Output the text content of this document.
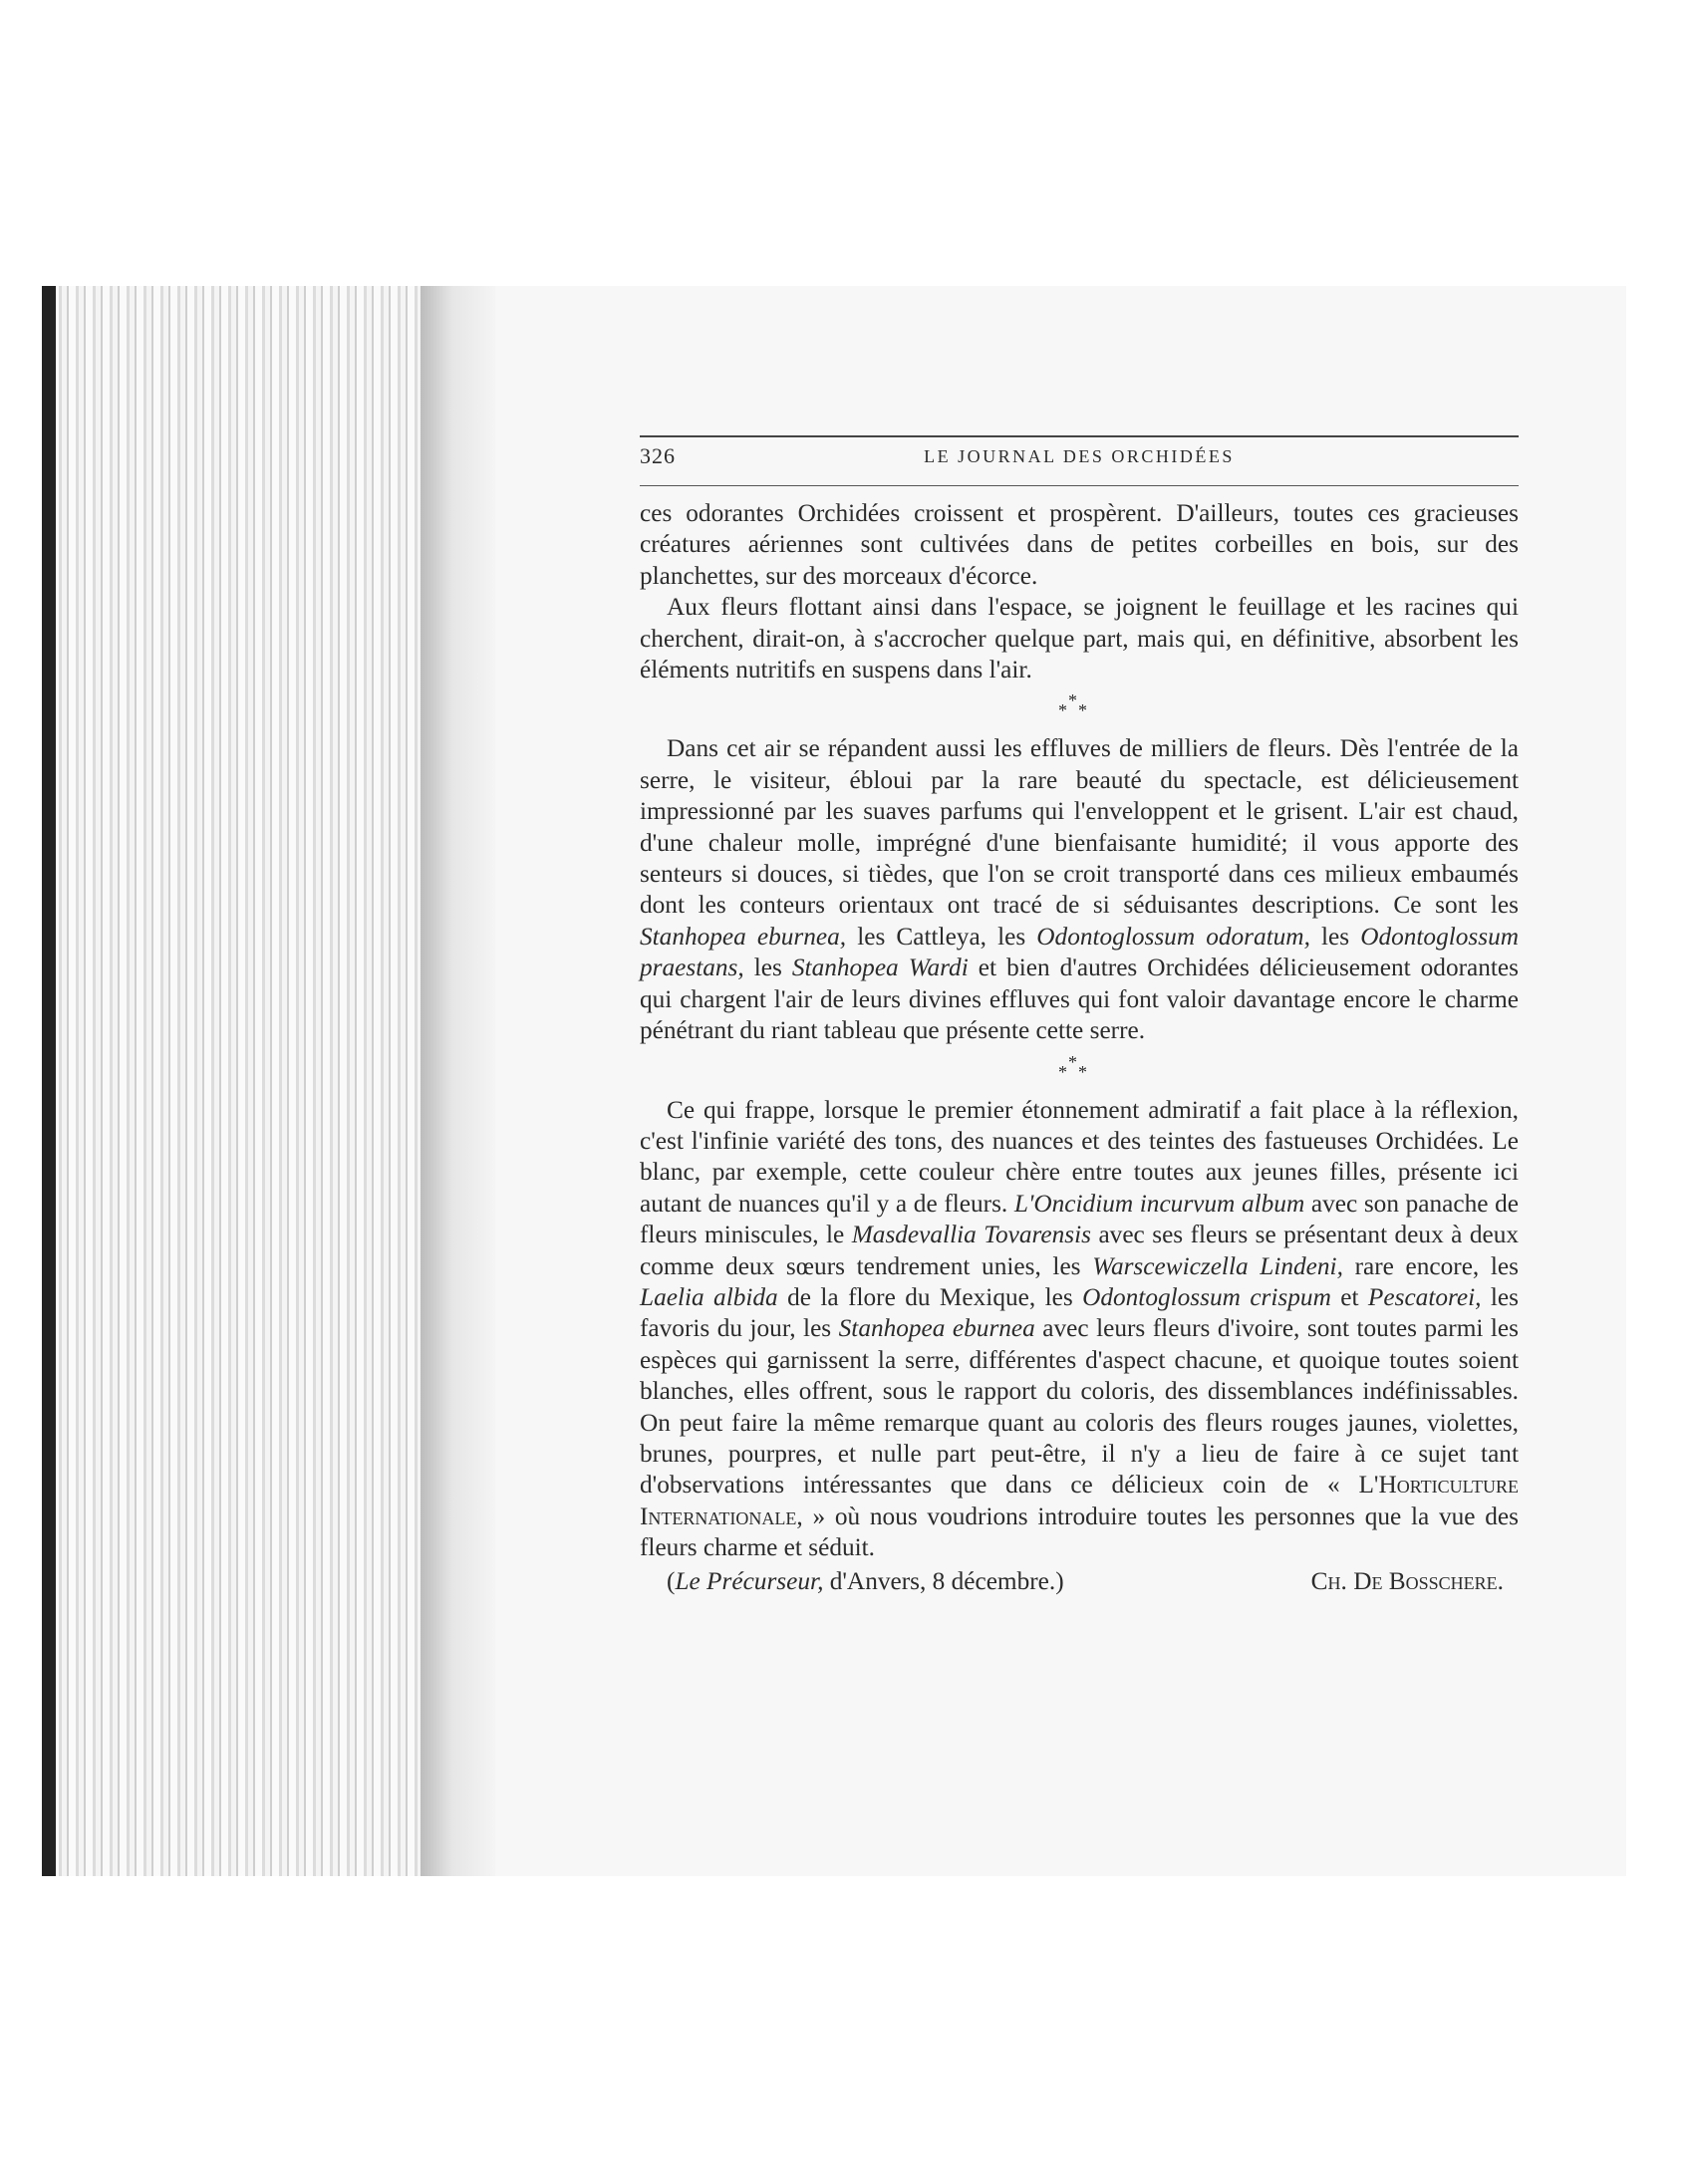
326	LE JOURNAL DES ORCHIDÉES

ces odorantes Orchidées croissent et prospèrent. D'ailleurs, toutes ces gracieuses créatures aériennes sont cultivées dans de petites corbeilles en bois, sur des planchettes, sur des morceaux d'écorce.

Aux fleurs flottant ainsi dans l'espace, se joignent le feuillage et les racines qui cherchent, dirait-on, à s'accrocher quelque part, mais qui, en définitive, absorbent les éléments nutritifs en suspens dans l'air.

*
* *

Dans cet air se répandent aussi les effluves de milliers de fleurs. Dès l'entrée de la serre, le visiteur, ébloui par la rare beauté du spectacle, est délicieusement impressionné par les suaves parfums qui l'enveloppent et le grisent. L'air est chaud, d'une chaleur molle, imprégné d'une bienfaisante humidité; il vous apporte des senteurs si douces, si tièdes, que l'on se croit transporté dans ces milieux embaumés dont les conteurs orientaux ont tracé de si séduisantes descriptions. Ce sont les Stanhopea eburnea, les Cattleya, les Odontoglossum odoratum, les Odontoglossum praestans, les Stanhopea Wardi et bien d'autres Orchidées délicieusement odorantes qui chargent l'air de leurs divines effluves qui font valoir davantage encore le charme pénétrant du riant tableau que présente cette serre.

*
* *

Ce qui frappe, lorsque le premier étonnement admiratif a fait place à la réflexion, c'est l'infinie variété des tons, des nuances et des teintes des fastueuses Orchidées. Le blanc, par exemple, cette couleur chère entre toutes aux jeunes filles, présente ici autant de nuances qu'il y a de fleurs. L'Oncidium incurvum album avec son panache de fleurs miniscules, le Masdevallia Tovarensis avec ses fleurs se présentant deux à deux comme deux sœurs tendrement unies, les Warscewiczella Lindeni, rare encore, les Laelia albida de la flore du Mexique, les Odontoglossum crispum et Pescatorei, les favoris du jour, les Stanhopea eburnea avec leurs fleurs d'ivoire, sont toutes parmi les espèces qui garnissent la serre, différentes d'aspect chacune, et quoique toutes soient blanches, elles offrent, sous le rapport du coloris, des dissemblances indéfinissables. On peut faire la même remarque quant au coloris des fleurs rouges jaunes, violettes, brunes, pourpres, et nulle part peut-être, il n'y a lieu de faire à ce sujet tant d'observations intéressantes que dans ce délicieux coin de « L'Horticulture Internationale, » où nous voudrions introduire toutes les personnes que la vue des fleurs charme et séduit.

(Le Précurseur, d'Anvers, 8 décembre.)	Ch. De Bosschere.
